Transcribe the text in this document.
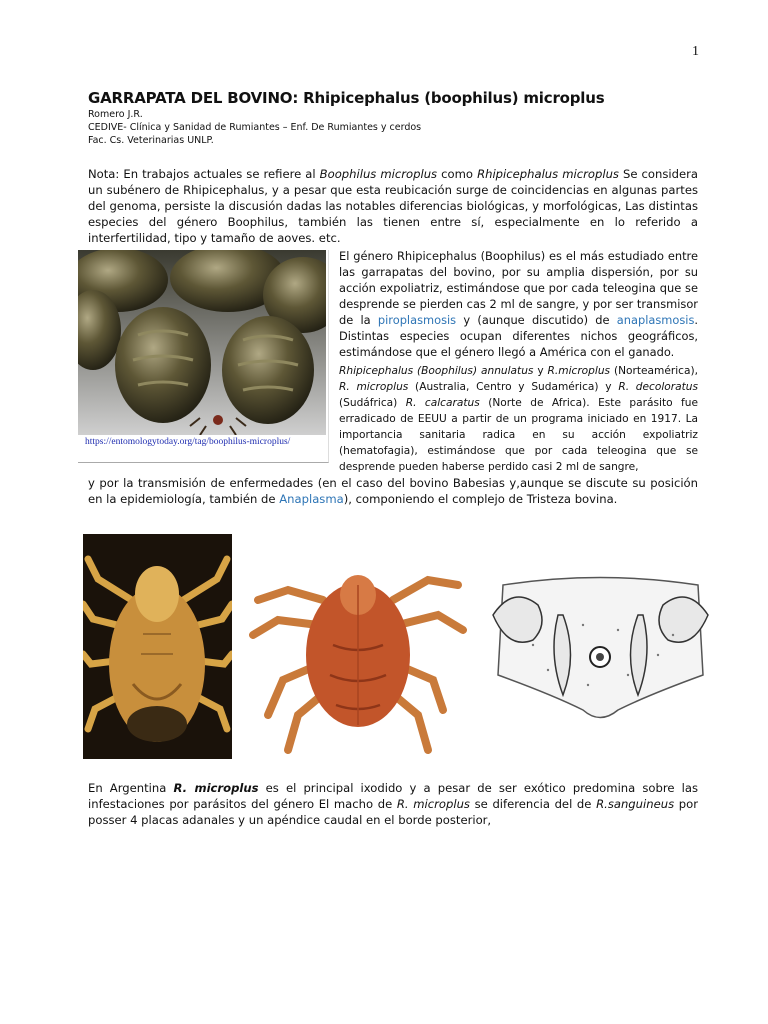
1
GARRAPATA DEL BOVINO: Rhipicephalus (boophilus) microplus
Romero J.R.
CEDIVE- Clínica y Sanidad de Rumiantes – Enf. De Rumiantes y cerdos
Fac. Cs. Veterinarias UNLP.
Nota: En trabajos actuales se refiere al Boophilus microplus como Rhipicephalus microplus Se considera un subénero de Rhipicephalus, y a pesar que esta reubicación surge de coincidencias en algunas partes del genoma, persiste la discusión dadas las notables diferencias biológicas, y morfológicas, Las distintas especies del género Boophilus, también las tienen entre sí, especialmente en lo referido a interfertilidad, tipo y tamaño de aoves. etc.
https://entomologytoday.org/tag/boophilus-microplus/
El género Rhipicephalus (Boophilus) es el más estudiado entre las garrapatas del bovino, por su amplia dispersión, por su acción expoliatriz, estimándose que por cada teleogina que se desprende se pierden cas 2 ml de sangre, y por ser transmisor de la piroplasmosis y (aunque discutido) de anaplasmosis. Distintas especies ocupan diferentes nichos geográficos, estimándose que el género llegó a América con el ganado.
Rhipicephalus (Boophilus) annulatus y R.microplus (Norteamérica), R. microplus (Australia, Centro y Sudamérica) y R. decoloratus (Sudáfrica) R. calcaratus (Norte de Africa). Este parásito fue erradicado de EEUU a partir de un programa iniciado en 1917. La importancia sanitaria radica en su acción expoliatriz (hematofagia), estimándose que por cada teleogina que se desprende pueden haberse perdido casi 2 ml de sangre,
y por la transmisión de enfermedades (en el caso del bovino Babesias y,aunque se discute su posición en la epidemiología, también de Anaplasma), componiendo el complejo de Tristeza bovina.
En Argentina R. microplus es el principal ixodido y a pesar de ser exótico predomina sobre las infestaciones por parásitos del género El macho de R. microplus se diferencia del de R.sanguineus por posser 4 placas adanales y un apéndice caudal en el borde posterior,
